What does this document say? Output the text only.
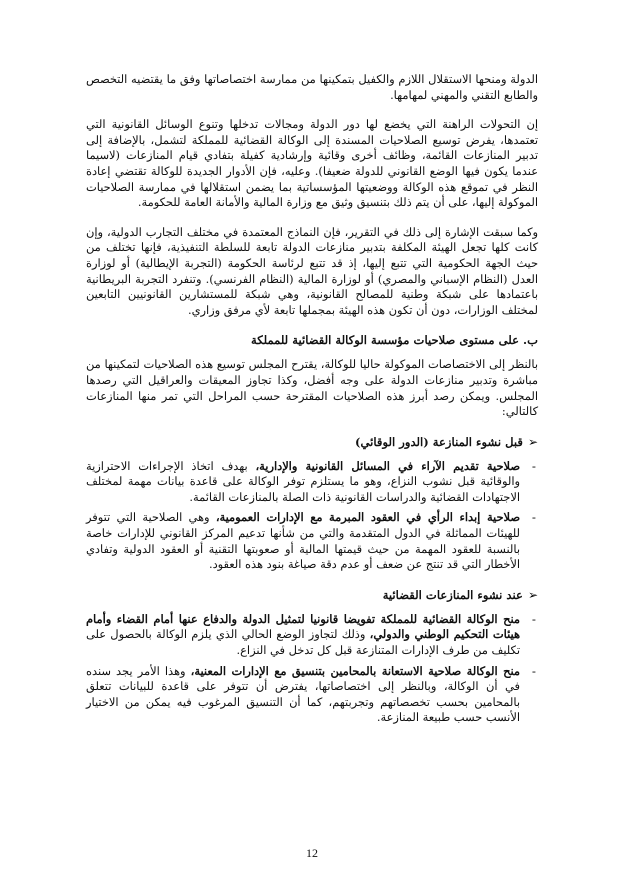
الدولة ومنحها الاستقلال اللازم والكفيل بتمكينها من ممارسة اختصاصاتها وفق ما يقتضيه التخصص والطابع التقني والمهني لمهامها.

إن التحولات الراهنة التي يخضع لها دور الدولة ومجالات تدخلها وتنوع الوسائل القانونية التي تعتمدها، يفرض توسيع الصلاحيات المسندة إلى الوكالة القضائية للمملكة لتشمل، بالإضافة إلى تدبير المنازعات القائمة، وظائف أخرى وقائية وإرشادية كفيلة بتفادي قيام المنازعات (لاسيما عندما يكون فيها الوضع القانوني للدولة ضعيفا). وعليه، فإن الأدوار الجديدة للوكالة تقتضي إعادة النظر في تموقع هذه الوكالة ووضعيتها المؤسساتية بما يضمن استقلالها في ممارسة الصلاحيات الموكولة إليها، على أن يتم ذلك بتنسيق وثيق مع وزارة المالية والأمانة العامة للحكومة.

وكما سبقت الإشارة إلى ذلك في التقرير، فإن النماذج المعتمدة في مختلف التجارب الدولية، وإن كانت كلها تجعل الهيئة المكلفة بتدبير منازعات الدولة تابعة للسلطة التنفيذية، فإنها تختلف من حيث الجهة الحكومية التي تتبع إليها، إذ قد تتبع لرئاسة الحكومة (التجربة الإيطالية) أو لوزارة العدل (النظام الإسباني والمصري) أو لوزارة المالية (النظام الفرنسي). وتنفرد التجربة البريطانية باعتمادها على شبكة وطنية للمصالح القانونية، وهي شبكة للمستشارين القانونيين التابعين لمختلف الوزارات، دون أن تكون هذه الهيئة بمجملها تابعة لأي مرفق وزاري.

ب. على مستوى صلاحيات مؤسسة الوكالة القضائية للمملكة

بالنظر إلى الاختصاصات الموكولة حاليا للوكالة، يقترح المجلس توسيع هذه الصلاحيات لتمكينها من مباشرة وتدبير منازعات الدولة على وجه أفضل، وكذا تجاوز المعيقات والعراقيل التي رصدها المجلس. ويمكن رصد أبرز هذه الصلاحيات المقترحة حسب المراحل التي تمر منها المنازعات كالتالي:

➢
قبل نشوء المنازعة (الدور الوقائي)
-
صلاحية تقديم الآراء في المسائل القانونية والإدارية، بهدف اتخاذ الإجراءات الاحترازية والوقائية قبل نشوب النزاع، وهو ما يستلزم توفر الوكالة على قاعدة بيانات مهمة لمختلف الاجتهادات القضائية والدراسات القانونية ذات الصلة بالمنازعات القائمة.
-
صلاحية إبداء الرأي في العقود المبرمة مع الإدارات العمومية، وهي الصلاحية التي تتوفر للهيئات المماثلة في الدول المتقدمة والتي من شأنها تدعيم المركز القانوني للإدارات خاصة بالنسبة للعقود المهمة من حيث قيمتها المالية أو صعوبتها التقنية أو العقود الدولية وتفادي الأخطار التي قد تنتج عن ضعف أو عدم دقة صياغة بنود هذه العقود.
➢
عند نشوء المنازعات القضائية
-
منح الوكالة القضائية للمملكة تفويضا قانونيا لتمثيل الدولة والدفاع عنها أمام القضاء وأمام هيئات التحكيم الوطني والدولي، وذلك لتجاوز الوضع الحالي الذي يلزم الوكالة بالحصول على تكليف من طرف الإدارات المتنازعة قبل كل تدخل في النزاع.
-
منح الوكالة صلاحية الاستعانة بالمحامين بتنسيق مع الإدارات المعنية، وهذا الأمر يجد سنده في أن الوكالة، وبالنظر إلى اختصاصاتها، يفترض أن تتوفر على قاعدة للبيانات تتعلق بالمحامين بحسب تخصصاتهم وتجربتهم، كما أن التنسيق المرغوب فيه يمكن من الاختيار الأنسب حسب طبيعة المنازعة.
12
